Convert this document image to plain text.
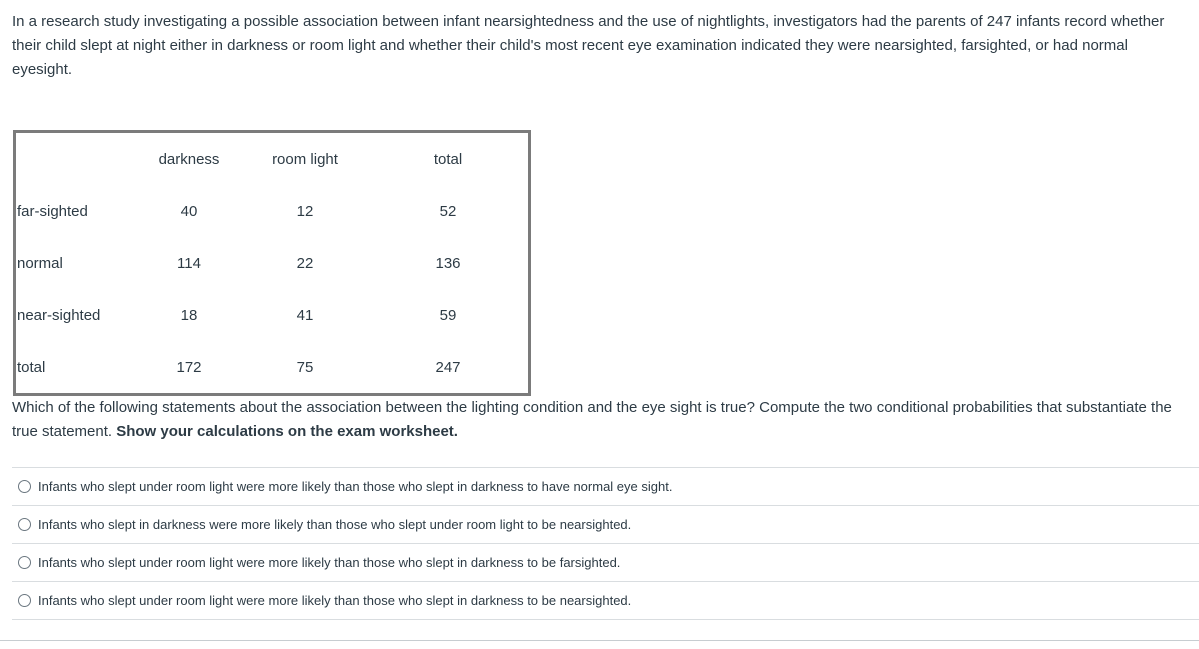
In a research study investigating a possible association between infant nearsightedness and the use of nightlights, investigators had the parents of 247 infants record whether their child slept at night either in darkness or room light and whether their child's most recent eye examination indicated they were nearsighted, farsighted, or had normal eyesight.

	darkness	room light	total
far-sighted	40	12	52
normal	114	22	136
near-sighted	18	41	59
total	172	75	247

Which of the following statements about the association between the lighting condition and the eye sight is true? Compute the two conditional probabilities that substantiate the true statement. Show your calculations on the exam worksheet.

Infants who slept under room light were more likely than those who slept in darkness to have normal eye sight.
Infants who slept in darkness were more likely than those who slept under room light to be nearsighted.
Infants who slept under room light were more likely than those who slept in darkness to be farsighted.
Infants who slept under room light were more likely than those who slept in darkness to be nearsighted.
